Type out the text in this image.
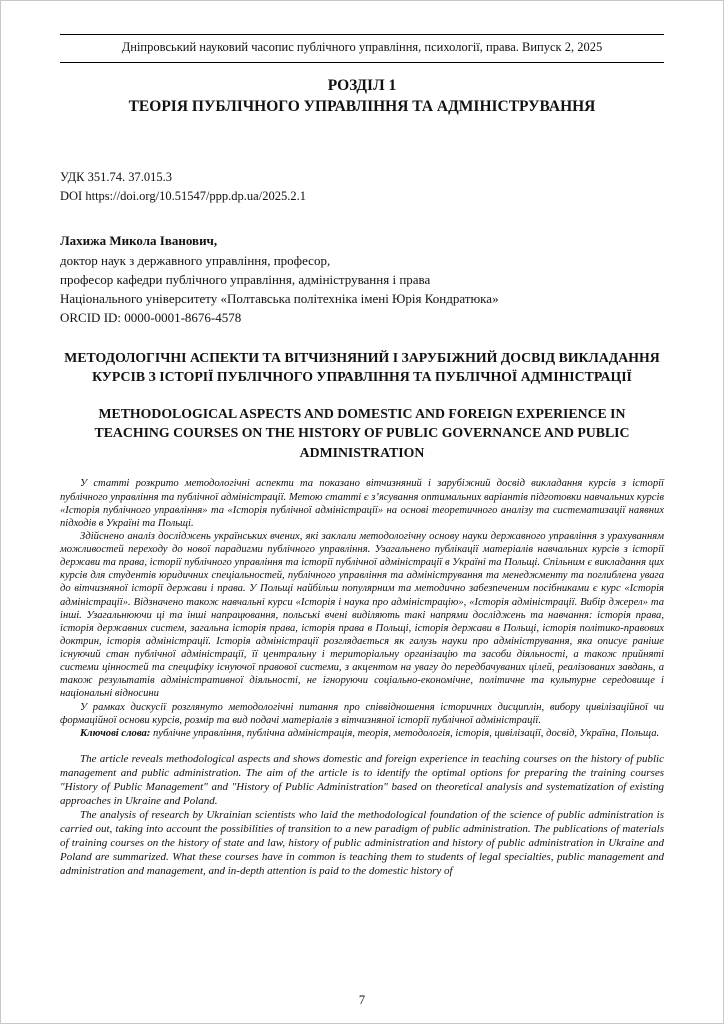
Дніпровський науковий часопис публічного управління, психології, права. Випуск 2, 2025
РОЗДІЛ 1
ТЕОРІЯ ПУБЛІЧНОГО УПРАВЛІННЯ ТА АДМІНІСТРУВАННЯ
УДК 351.74. 37.015.3
DOI https://doi.org/10.51547/ppp.dp.ua/2025.2.1
Лахижа Микола Іванович,
доктор наук з державного управління, професор,
професор кафедри публічного управління, адміністрування і права
Національного університету «Полтавська політехніка імені Юрія Кондратюка»
ORCID ID: 0000-0001-8676-4578
МЕТОДОЛОГІЧНІ АСПЕКТИ ТА ВІТЧИЗНЯНИЙ І ЗАРУБІЖНИЙ ДОСВІД ВИКЛАДАННЯ КУРСІВ З ІСТОРІЇ ПУБЛІЧНОГО УПРАВЛІННЯ ТА ПУБЛІЧНОЇ АДМІНІСТРАЦІЇ
METHODOLOGICAL ASPECTS AND DOMESTIC AND FOREIGN EXPERIENCE IN TEACHING COURSES ON THE HISTORY OF PUBLIC GOVERNANCE AND PUBLIC ADMINISTRATION

У статті розкрито методологічні аспекти та показано вітчизняний і зарубіжний досвід викладання курсів з історії публічного управління та публічної адміністрації. Метою статті є з’ясування оптимальних варіантів підготовки навчальних курсів «Історія публічного управління» та «Історія публічної адміністрації» на основі теоретичного аналізу та систематизації наявних підходів в Україні та Польщі.

Здійснено аналіз досліджень українських вчених, які заклали методологічну основу науки державного управління з урахуванням можливостей переходу до нової парадигми публічного управління. Узагальнено публікації матеріалів навчальних курсів з історії держави та права, історії публічного управління та історії публічної адміністрації в Україні та Польщі. Спільним є викладання цих курсів для студентів юридичних спеціальностей, публічного управління та адміністрування та менеджменту та поглиблена увага до вітчизняної історії держави і права. У Польщі найбільш популярним та методично забезпеченим посібниками є курс «Історія адміністрації». Відзначено також навчальні курси «Історія і наука про адміністрацію», «Історія адміністрації. Вибір джерел» та інші. Узагальнюючи ці та інші напрацювання, польські вчені виділяють такі напрями досліджень та навчання: історія права, історія державних систем, загальна історія права, історія права в Польщі, історія держави в Польщі, історія політико-правових доктрин, історія адміністрації. Історія адміністрації розглядається як галузь науки про адміністрування, яка описує раніше існуючий стан публічної адміністрації, її центральну і територіальну організацію та засоби діяльності, а також прийняті системи цінностей та специфіку існуючої правової системи, з акцентом на увагу до передбачуваних цілей, реалізованих завдань, а також результатів адміністративної діяльності, не ігноруючи соціально-економічне, політичне та культурне середовище і національні відносини

У рамках дискусії розглянуто методологічні питання про співвідношення історичних дисциплін, вибору цивілізаційної чи формаційної основи курсів, розмір та вид подачі матеріалів з вітчизняної історії публічної адміністрації.

Ключові слова: публічне управління, публічна адміністрація, теорія, методологія, історія, цивілізації, досвід, Україна, Польща.

The article reveals methodological aspects and shows domestic and foreign experience in teaching courses on the history of public management and public administration. The aim of the article is to identify the optimal options for preparing the training courses "History of Public Management" and "History of Public Administration" based on theoretical analysis and systematization of existing approaches in Ukraine and Poland.

The analysis of research by Ukrainian scientists who laid the methodological foundation of the science of public administration is carried out, taking into account the possibilities of transition to a new paradigm of public administration. The publications of materials of training courses on the history of state and law, history of public administration and history of public administration in Ukraine and Poland are summarized. What these courses have in common is teaching them to students of legal specialties, public management and administration and management, and in-depth attention is paid to the domestic history of

7
